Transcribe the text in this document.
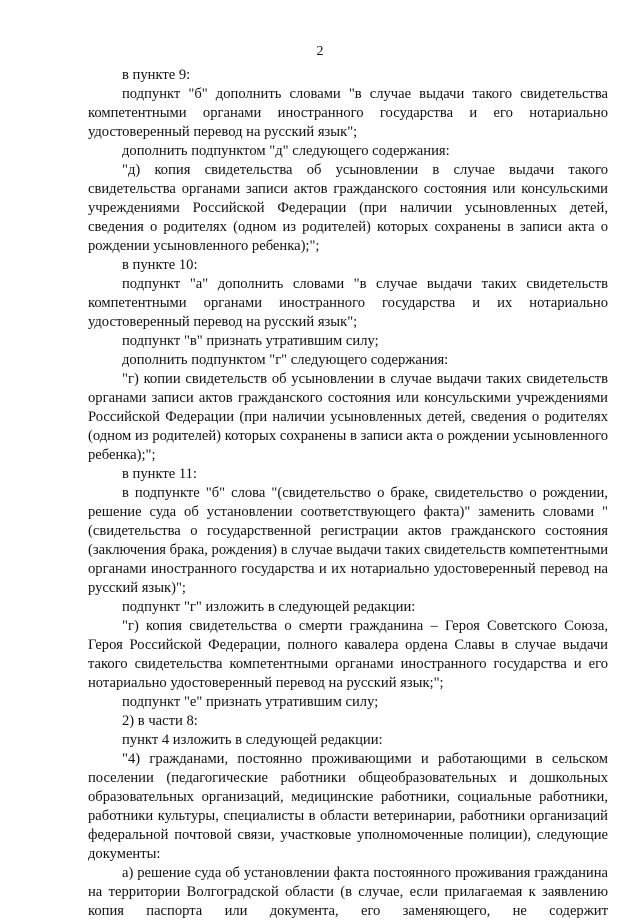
2

в пункте 9:

подпункт "б" дополнить словами "в случае выдачи такого свидетельства компетентными органами иностранного государства и его нотариально удостоверенный перевод на русский язык";

дополнить подпунктом "д" следующего содержания:

"д) копия свидетельства об усыновлении в случае выдачи такого свидетельства органами записи актов гражданского состояния или консульскими учреждениями Российской Федерации (при наличии усыновленных детей, сведения о родителях (одном из родителей) которых сохранены в записи акта о рождении усыновленного ребенка);";

в пункте 10:

подпункт "а" дополнить словами "в случае выдачи таких свидетельств компетентными органами иностранного государства и их нотариально удостоверенный перевод на русский язык";

подпункт "в" признать утратившим силу;

дополнить подпунктом "г" следующего содержания:

"г) копии свидетельств об усыновлении в случае выдачи таких свидетельств органами записи актов гражданского состояния или консульскими учреждениями Российской Федерации (при наличии усыновленных детей, сведения о родителях (одном из родителей) которых сохранены в записи акта о рождении усыновленного ребенка);";

в пункте 11:

в подпункте "б" слова "(свидетельство о браке, свидетельство о рождении, решение суда об установлении соответствующего факта)" заменить словами "(свидетельства о государственной регистрации актов гражданского состояния (заключения брака, рождения) в случае выдачи таких свидетельств компетентными органами иностранного государства и их нотариально удостоверенный перевод на русский язык)";

подпункт "г" изложить в следующей редакции:

"г) копия свидетельства о смерти гражданина – Героя Советского Союза, Героя Российской Федерации, полного кавалера ордена Славы в случае выдачи такого свидетельства компетентными органами иностранного государства и его нотариально удостоверенный перевод на русский язык;";

подпункт "е" признать утратившим силу;

2) в части 8:

пункт 4 изложить в следующей редакции:

"4) гражданами, постоянно проживающими и работающими в сельском поселении (педагогические работники общеобразовательных и дошкольных образовательных организаций, медицинские работники, социальные работники, работники культуры, специалисты в области ветеринарии, работники организаций федеральной почтовой связи, участковые уполномоченные полиции), следующие документы:

а) решение суда об установлении факта постоянного проживания гражданина на территории Волгоградской области (в случае, если прилагаемая к заявлению копия паспорта или документа, его заменяющего, не содержит
